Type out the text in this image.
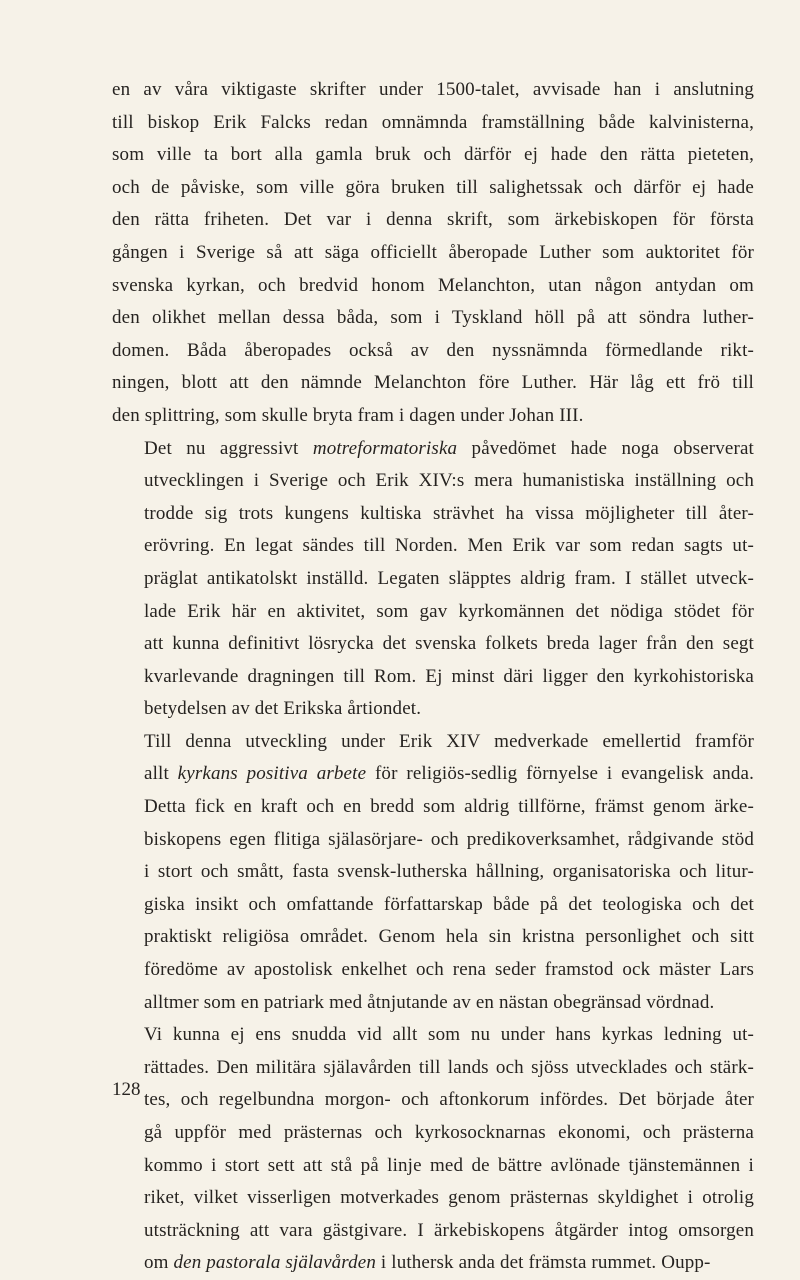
en av våra viktigaste skrifter under 1500-talet, avvisade han i anslutning
till biskop Erik Falcks redan omnämnda framställning både kalvinisterna,
som ville ta bort alla gamla bruk och därför ej hade den rätta pieteten,
och de påviske, som ville göra bruken till salighetssak och därför ej hade
den rätta friheten. Det var i denna skrift, som ärkebiskopen för första
gången i Sverige så att säga officiellt åberopade Luther som auktoritet för
svenska kyrkan, och bredvid honom Melanchton, utan någon antydan om
den olikhet mellan dessa båda, som i Tyskland höll på att söndra luther-
domen. Båda åberopades också av den nyssnämnda förmedlande rikt-
ningen, blott att den nämnde Melanchton före Luther. Här låg ett frö till
den splittring, som skulle bryta fram i dagen under Johan III.

Det nu aggressivt motreformatoriska påvedömet hade noga observerat
utvecklingen i Sverige och Erik XIV:s mera humanistiska inställning och
trodde sig trots kungens kultiska strävhet ha vissa möjligheter till åter-
erövring. En legat sändes till Norden. Men Erik var som redan sagts ut-
präglat antikatolskt inställd. Legaten släpptes aldrig fram. I stället utveck-
lade Erik här en aktivitet, som gav kyrkomännen det nödiga stödet för
att kunna definitivt lösrycka det svenska folkets breda lager från den segt
kvarlevande dragningen till Rom. Ej minst däri ligger den kyrkohistoriska
betydelsen av det Erikska årtiondet.

Till denna utveckling under Erik XIV medverkade emellertid framför
allt kyrkans positiva arbete för religiös-sedlig förnyelse i evangelisk anda.
Detta fick en kraft och en bredd som aldrig tillförne, främst genom ärke-
biskopens egen flitiga själasörjare- och predikoverksamhet, rådgivande stöd
i stort och smått, fasta svensk-lutherska hållning, organisatoriska och litur-
giska insikt och omfattande författarskap både på det teologiska och det
praktiskt religiösa området. Genom hela sin kristna personlighet och sitt
föredöme av apostolisk enkelhet och rena seder framstod ock mäster Lars
alltmer som en patriark med åtnjutande av en nästan obegränsad vördnad.

Vi kunna ej ens snudda vid allt som nu under hans kyrkas ledning ut-
rättades. Den militära själavården till lands och sjöss utvecklades och stärk-
tes, och regelbundna morgon- och aftonkorum infördes. Det började åter
gå uppför med prästernas och kyrkosocknarnas ekonomi, och prästerna
kommo i stort sett att stå på linje med de bättre avlönade tjänstemännen i
riket, vilket visserligen motverkades genom prästernas skyldighet i otrolig
utsträckning att vara gästgivare. I ärkebiskopens åtgärder intog omsorgen
om den pastorala själavården i luthersk anda det främsta rummet. Oupp-

128
